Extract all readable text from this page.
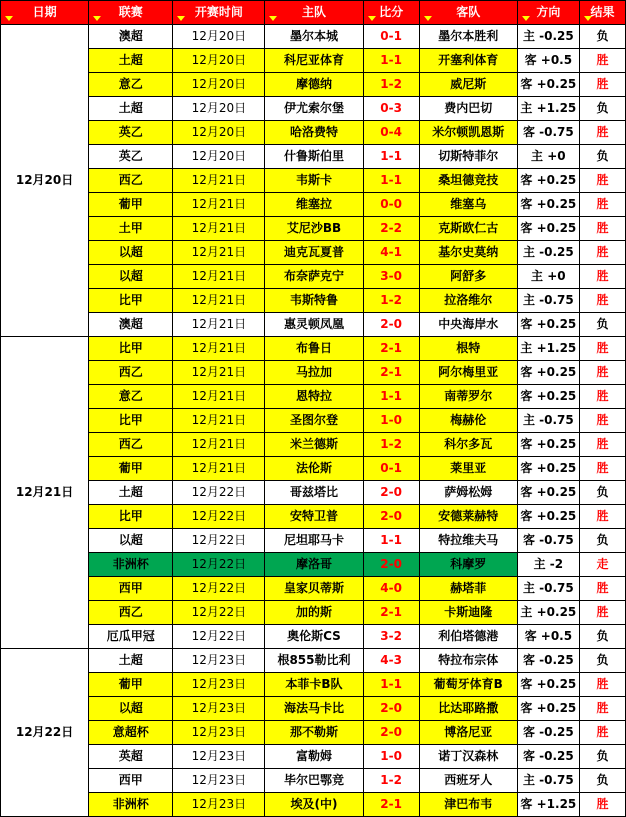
日期	联赛	开赛时间	主队	比分	客队	方向	结果

12月20日	澳超	12月20日	墨尔本城	0-1	墨尔本胜利	主 -0.25	负
	土超	12月20日	科尼亚体育	1-1	开塞利体育	客 +0.5	胜
	意乙	12月20日	摩德纳	1-2	威尼斯	客 +0.25	胜
	土超	12月20日	伊尤索尔堡	0-3	费内巴切	主 +1.25	负
	英乙	12月20日	哈洛费特	0-4	米尔顿凯恩斯	客 -0.75	胜
	英乙	12月20日	什鲁斯伯里	1-1	切斯特菲尔	主 +0	负
	西乙	12月21日	韦斯卡	1-1	桑坦德竞技	客 +0.25	胜
	葡甲	12月21日	维塞拉	0-0	维塞乌	客 +0.25	胜
	土甲	12月21日	艾尼沙BB	2-2	克斯欧仁古	客 +0.25	胜
	以超	12月21日	迪克瓦夏普	4-1	基尔史莫纳	主 -0.25	胜
	以超	12月21日	布奈萨克宁	3-0	阿舒多	主 +0	胜
	比甲	12月21日	韦斯特鲁	1-2	拉洛维尔	主 -0.75	胜
	澳超	12月21日	惠灵顿凤凰	2-0	中央海岸水	客 +0.25	负
12月21日	比甲	12月21日	布鲁日	2-1	根特	主 +1.25	胜
	西乙	12月21日	马拉加	2-1	阿尔梅里亚	客 +0.25	胜
	意乙	12月21日	恩特拉	1-1	南蒂罗尔	客 +0.25	胜
	比甲	12月21日	圣图尔登	1-0	梅赫伦	主 -0.75	胜
	西乙	12月21日	米兰德斯	1-2	科尔多瓦	客 +0.25	胜
	葡甲	12月21日	法伦斯	0-1	莱里亚	客 +0.25	胜
	土超	12月22日	哥兹塔比	2-0	萨姆松姆	客 +0.25	负
	比甲	12月22日	安特卫普	2-0	安德莱赫特	客 +0.25	胜
	以超	12月22日	尼坦耶马卡	1-1	特拉维夫马	客 -0.75	负
	非洲杯	12月22日	摩洛哥	2-0	科摩罗	主 -2	走
	西甲	12月22日	皇家贝蒂斯	4-0	赫塔菲	主 -0.75	胜
	西乙	12月22日	加的斯	2-1	卡斯迪隆	主 +0.25	胜
	厄瓜甲冠	12月22日	奥伦斯CS	3-2	利伯塔德港	客 +0.5	负
12月22日	土超	12月23日	根855勒比利	4-3	特拉布宗体	客 -0.25	负
	葡甲	12月23日	本菲卡B队	1-1	葡萄牙体育B	客 +0.25	胜
	以超	12月23日	海法马卡比	2-0	比达耶路撒	客 +0.25	胜
	意超杯	12月23日	那不勒斯	2-0	博洛尼亚	客 -0.25	胜
	英超	12月23日	富勒姆	1-0	诺丁汉森林	客 -0.25	负
	西甲	12月23日	毕尔巴鄂竞	1-2	西班牙人	主 -0.75	负
	非洲杯	12月23日	埃及(中)	2-1	津巴布韦	客 +1.25	胜
